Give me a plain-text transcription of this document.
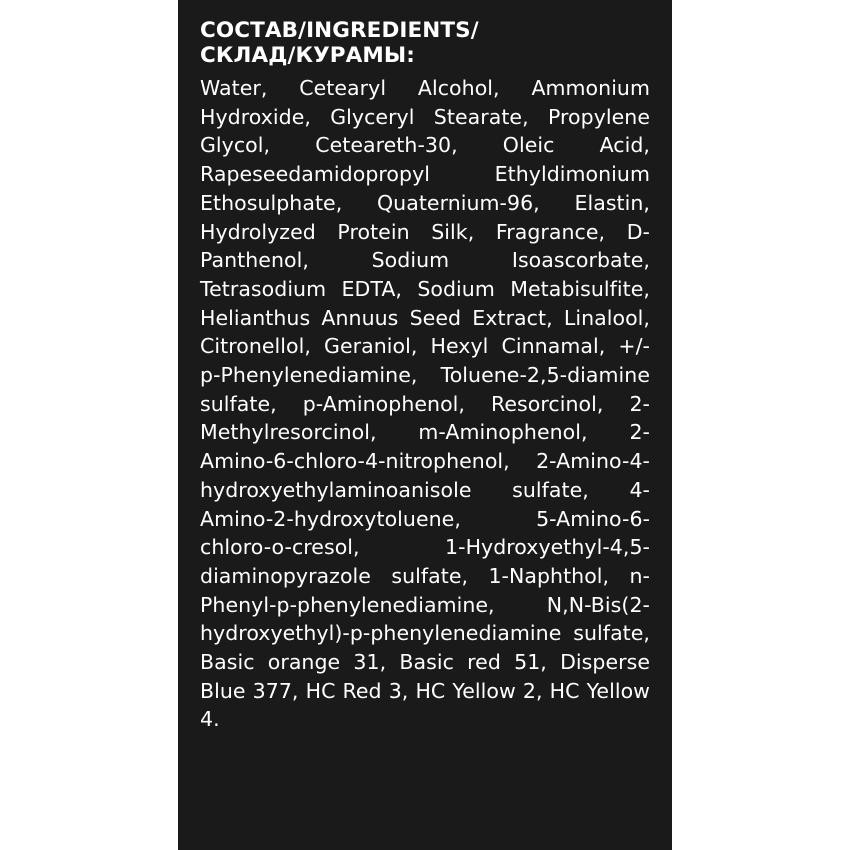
СОСТАВ/INGREDIENTS/
СКЛАД/КУРАМЫ:

Water, Cetearyl Alcohol, Ammonium Hydroxide, Glyceryl Stearate, Propylene Glycol, Ceteareth-30, Oleic Acid, Rapeseedamidopropyl Ethyldimonium Ethosulphate, Quaternium-96, Elastin, Hydrolyzed Protein Silk, Fragrance, D-Panthenol, Sodium Isoascorbate, Tetrasodium EDTA, Sodium Metabisulfite, Helianthus Annuus Seed Extract, Linalool, Citronellol, Geraniol, Hexyl Cinnamal, +/- p-Phenylenediamine, Toluene-2,5-diamine sulfate, p-Aminophenol, Resorcinol, 2-Methylresorcinol, m-Aminophenol, 2-Amino-6-chloro-4-nitrophenol, 2-Amino-4-hydroxyethylaminoanisole sulfate, 4-Amino-2-hydroxytoluene, 5-Amino-6-chloro-o-cresol, 1-Hydroxyethyl-4,5-diaminopyrazole sulfate, 1-Naphthol, n-Phenyl-p-phenylenediamine, N,N-Bis(2-hydroxyethyl)-p-phenylenediamine sulfate, Basic orange 31, Basic red 51, Disperse Blue 377, HC Red 3, HC Yellow 2, HC Yellow 4.
